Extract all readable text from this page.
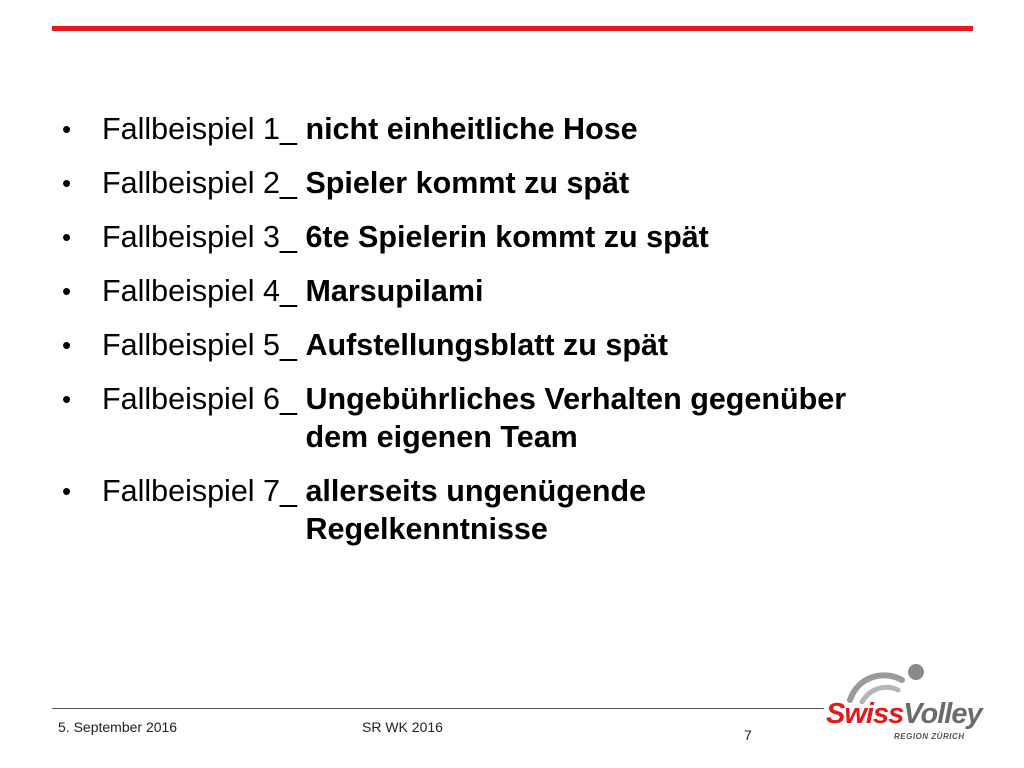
•	Fallbeispiel 1_ nicht einheitliche Hose
•	Fallbeispiel 2_ Spieler kommt zu spät
•	Fallbeispiel 3_ 6te Spielerin kommt zu spät
•	Fallbeispiel 4_ Marsupilami
•	Fallbeispiel 5_ Aufstellungsblatt zu spät
•	Fallbeispiel 6_ Ungebührliches Verhalten gegenüber
dem eigenen Team
•	Fallbeispiel 7_ allerseits ungenügende
Regelkenntnisse
5. September 2016	SR WK 2016	7
SwissVolley
REGION ZÜRICH
